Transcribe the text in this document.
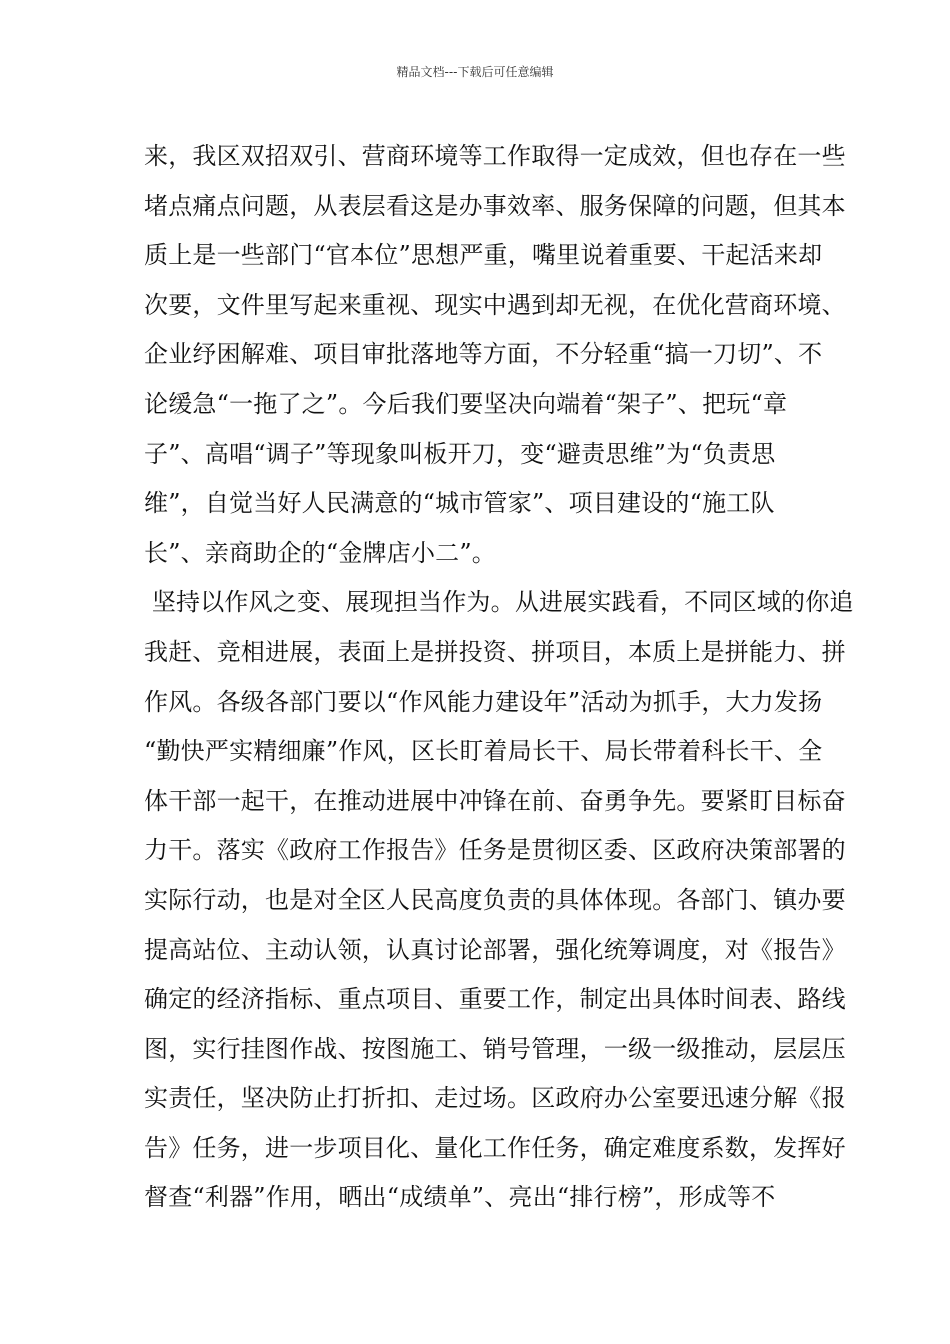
精品文档---下载后可任意编辑
来，我区双招双引、营商环境等工作取得一定成效，但也存在一些
堵点痛点问题，从表层看这是办事效率、服务保障的问题，但其本
质上是一些部门“官本位”思想严重，嘴里说着重要、干起活来却
次要，文件里写起来重视、现实中遇到却无视，在优化营商环境、
企业纾困解难、项目审批落地等方面，不分轻重“搞一刀切”、不
论缓急“一拖了之”。今后我们要坚决向端着“架子”、把玩“章
子”、高唱“调子”等现象叫板开刀，变“避责思维”为“负责思
维”，自觉当好人民满意的“城市管家”、项目建设的“施工队
长”、亲商助企的“金牌店小二”。
坚持以作风之变、展现担当作为。从进展实践看，不同区域的你追
我赶、竞相进展，表面上是拼投资、拼项目，本质上是拼能力、拼
作风。各级各部门要以“作风能力建设年”活动为抓手，大力发扬
“勤快严实精细廉”作风，区长盯着局长干、局长带着科长干、全
体干部一起干，在推动进展中冲锋在前、奋勇争先。要紧盯目标奋
力干。落实《政府工作报告》任务是贯彻区委、区政府决策部署的
实际行动，也是对全区人民高度负责的具体体现。各部门、镇办要
提高站位、主动认领，认真讨论部署，强化统筹调度，对《报告》
确定的经济指标、重点项目、重要工作，制定出具体时间表、路线
图，实行挂图作战、按图施工、销号管理，一级一级推动，层层压
实责任，坚决防止打折扣、走过场。区政府办公室要迅速分解《报
告》任务，进一步项目化、量化工作任务，确定难度系数，发挥好
督查“利器”作用，晒出“成绩单”、亮出“排行榜”，形成等不
